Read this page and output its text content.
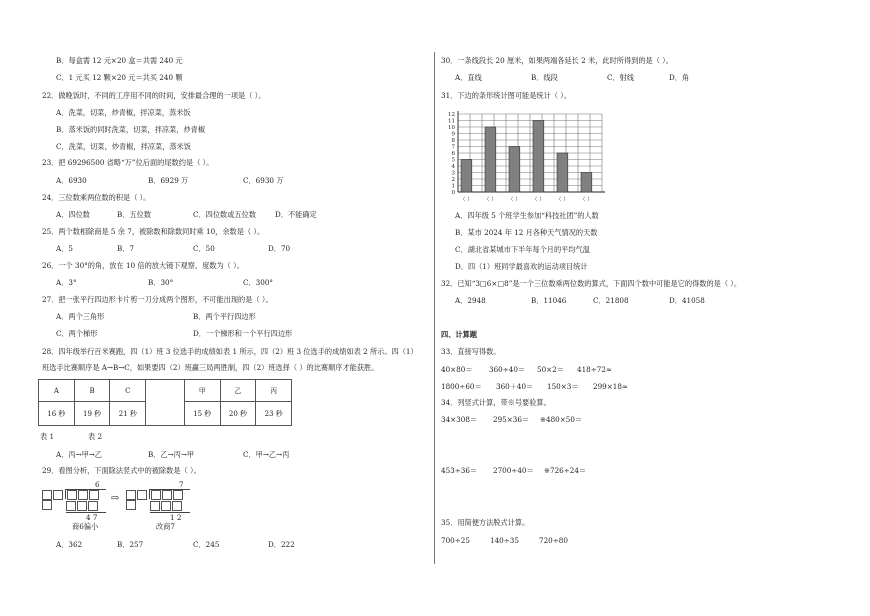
B．每盒需 12 元×20 盒＝共需 240 元
C．1 元买 12 颗×20 元＝共买 240 颗
22．做晚饭时，不同的工序用不同的时间，安排最合理的一项是（ ）。
A．洗菜，切菜，炒青椒，拌凉菜，蒸米饭
B．蒸米饭的同时洗菜，切菜，拌凉菜，炒青椒
C．洗菜，切菜，炒青椒，拌凉菜，蒸米饭
23．把 69296500 省略“万”位后面的尾数约是（ ）。
A．6930	B．6929 万	C．6930 万
24．三位数乘两位数的积是（ ）。
A．四位数	B．五位数	C．四位数或五位数	D．不能确定
25．两个数相除商是 5 余 7，被除数和除数同时乘 10，余数是（ ）。
A．5	B．7	C．50	D．70
26．一个 30°的角，放在 10 倍的放大镜下观察，度数为（ ）。
A．3°	B．30°	C．300°
27．把一张平行四边形卡片剪一刀分成两个图形，不可能出现的是（ ）。
A．两个三角形	B．两个平行四边形
C．两个梯形	D．一个梯形和一个平行四边形
28．四年级举行百米赛跑，四（1）班 3 位选手的成绩如表 1 所示，四（2）班 3 位选手的成绩如表 2 所示。四（1）
班选手比赛顺序是 A→B→C，如果要四（2）班赢三局两胜制，四（2）班选择（ ）的比赛顺序才能获胜。
A	B	C		甲	乙	丙
16 秒	19 秒	21 秒		15 秒	20 秒	23 秒
表 1	表 2
A．丙→甲→乙	B．乙→丙→甲	C．甲→乙→丙
29．看图分析，下面除法竖式中的被除数是（ ）。
6
4 7
商6偏小
⇨
7
1 2
改商7
A．362	B．257	C．245	D．222
30．一条线段长 20 厘米，如果两端各延长 2 米，此时所得到的是（ ）。
A．直线	B．线段	C．射线	D．角
31．下边的条形统计图可能是统计（ ）。
0
1
2
3
4
5
6
7
8
9
10
11
12
（ ） （ ） （ ） （ ） （ ） （ ）
A．四年级 5 个班学生参加“科技社团”的人数
B．某市 2024 年 12 月各种天气情况的天数
C．湖北省某城市下半年每个月的平均气温
D．四（1）班同学最喜欢的运动项目统计
32．已知“3□6×□8”是一个三位数乘两位数的算式，下面四个数中可能是它的得数的是（ ）。
A．2948	B．11046	C．21808	D．41058
四、计算题
33．直接写得数。
40×80＝ 360÷40＝ 50×2＝ 418÷72≈
1800÷60＝ 360＋40＝ 150×3＝ 299×18≈
34．列竖式计算，带※号要验算。
34×308＝ 295×36＝ ※480×50＝
453÷36＝ 2700÷40＝ ※726÷24＝
35．用简便方法脱式计算。
700÷25	140÷35	720÷80
